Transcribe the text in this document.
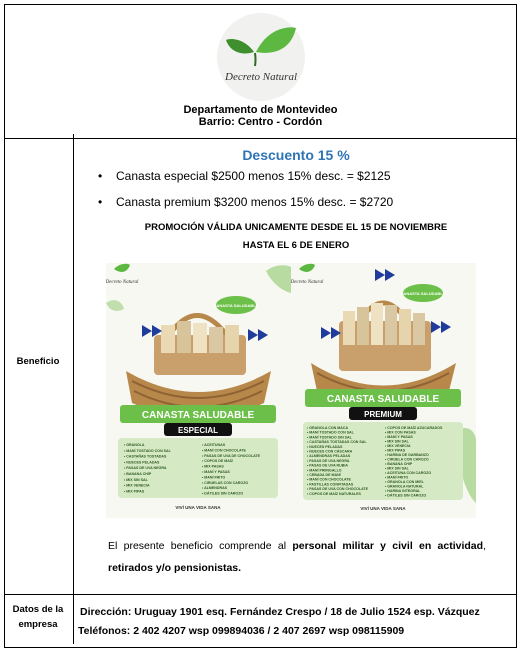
Decreto Natural
Departamento de Montevideo
Barrio: Centro - Cordón
Beneficio
Datos de la empresa
Descuento 15 %
• Canasta especial $2500 menos 15% desc. = $2125
• Canasta premium $3200 menos 15% desc. = $2720
PROMOCIÓN VÁLIDA UNICAMENTE DESDE EL 15 DE NOVIEMBRE
HASTA EL 6 DE ENERO
Decreto Natural
CANASTA SALUDABLE
CANASTA SALUDABLE
ESPECIAL
• GRANOLA
• MANÍ TOSTADO CON SAL
• CASTAÑAS TOSTADAS
• NUECES PELADAS
• PASAS DE UVA NEGRA
• BANANA CHIP
• MIX SIN SAL
• MIX VENECIA
• MIX PIPAS
• ACEITUNAS
• MANÍ CON CHOCOLATE
• PASAS DE UVA DE CHOCOLATE
• COPOS DE MAÍZ
• MIX PASAS
• MANÍ Y PASAS
• MANÍ FRITO
• CIRUELAS CON CAROZO
• ALMENDRAS
• DÁTILES SIN CAROZO
VIVÍ UNA VIDA SANA
Decreto Natural
CANASTA SALUDABLE
CANASTA SALUDABLE
PREMIUM
• GRANOLA CON MACA
• MANÍ TOSTADO CON SAL
• MANÍ TOSTADO SIN SAL
• CASTAÑAS TOSTADAS CON SAL
• NUECES PELADAS
• NUECES CON CÁSCARA
• ALMENDRAS PELADAS
• PASAS DE UVA NEGRA
• PASAS DE UVA RUBIA
• MANÍ PRIINGALLO
• CEBADA DE MANÍ
• MANÍ CON CHOCOLATE
• PASTILLAS CONFITADAS
• PASAS DE UVA CON CHOCOLATE
• COPOS DE MAÍZ NATURALES
• COPOS DE MAÍZ AZUCARADOS
• MIX CON PASAS
• MANÍ Y PASAS
• MIX SIN SAL
• MIX VENECIA
• MIX PIPAS
• HARINA DE GARBANZO
• CIRUELA CON CAROZO
• BANANA CHIP
• MIX SIN SAL
• ACEITUNA CON CAROZO
• MANÍ FRITO
• GRANOLA CON MIEL
• GRANOLA NATURAL
• HARINA INTEGRAL
• DÁTILES SIN CAROZO
VIVÍ UNA VIDA SANA
El presente beneficio comprende al personal militar y civil en actividad, retirados y/o pensionistas.
Dirección: Uruguay 1901 esq. Fernández Crespo / 18 de Julio 1524 esp. Vázquez
Teléfonos: 2 402 4207 wsp 099894036 / 2 407 2697 wsp 098115909
